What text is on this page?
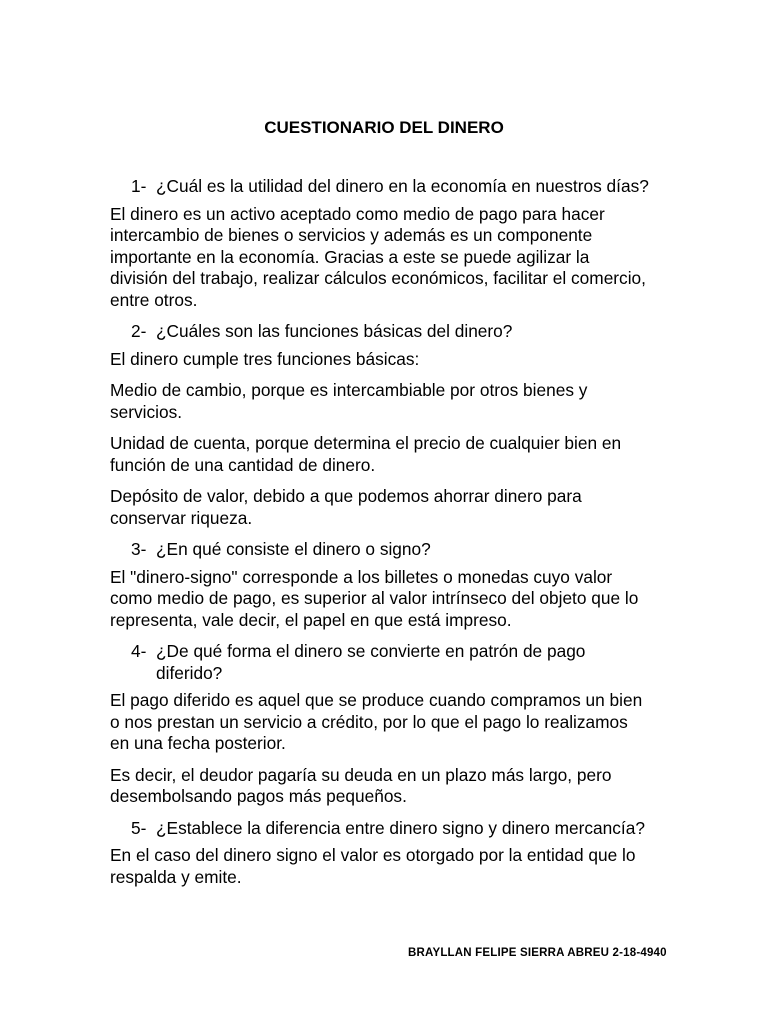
CUESTIONARIO DEL DINERO
1- ¿Cuál es la utilidad del dinero en la economía en nuestros días?
El dinero es un activo aceptado como medio de pago para hacer intercambio de bienes o servicios y además es un componente importante en la economía. Gracias a este se puede agilizar la división del trabajo, realizar cálculos económicos, facilitar el comercio, entre otros.
2- ¿Cuáles son las funciones básicas del dinero?
El dinero cumple tres funciones básicas:
Medio de cambio, porque es intercambiable por otros bienes y servicios.
Unidad de cuenta, porque determina el precio de cualquier bien en función de una cantidad de dinero.
Depósito de valor, debido a que podemos ahorrar dinero para conservar riqueza.
3- ¿En qué consiste el dinero o signo?
El "dinero-signo" corresponde a los billetes o monedas cuyo valor como medio de pago, es superior al valor intrínseco del objeto que lo representa, vale decir, el papel en que está impreso.
4- ¿De qué forma el dinero se convierte en patrón de pago diferido?
El pago diferido es aquel que se produce cuando compramos un bien o nos prestan un servicio a crédito, por lo que el pago lo realizamos en una fecha posterior.
Es decir, el deudor pagaría su deuda en un plazo más largo, pero desembolsando pagos más pequeños.
5- ¿Establece la diferencia entre dinero signo y dinero mercancía?
En el caso del dinero signo el valor es otorgado por la entidad que lo respalda y emite.
BRAYLLAN FELIPE SIERRA ABREU 2-18-4940
